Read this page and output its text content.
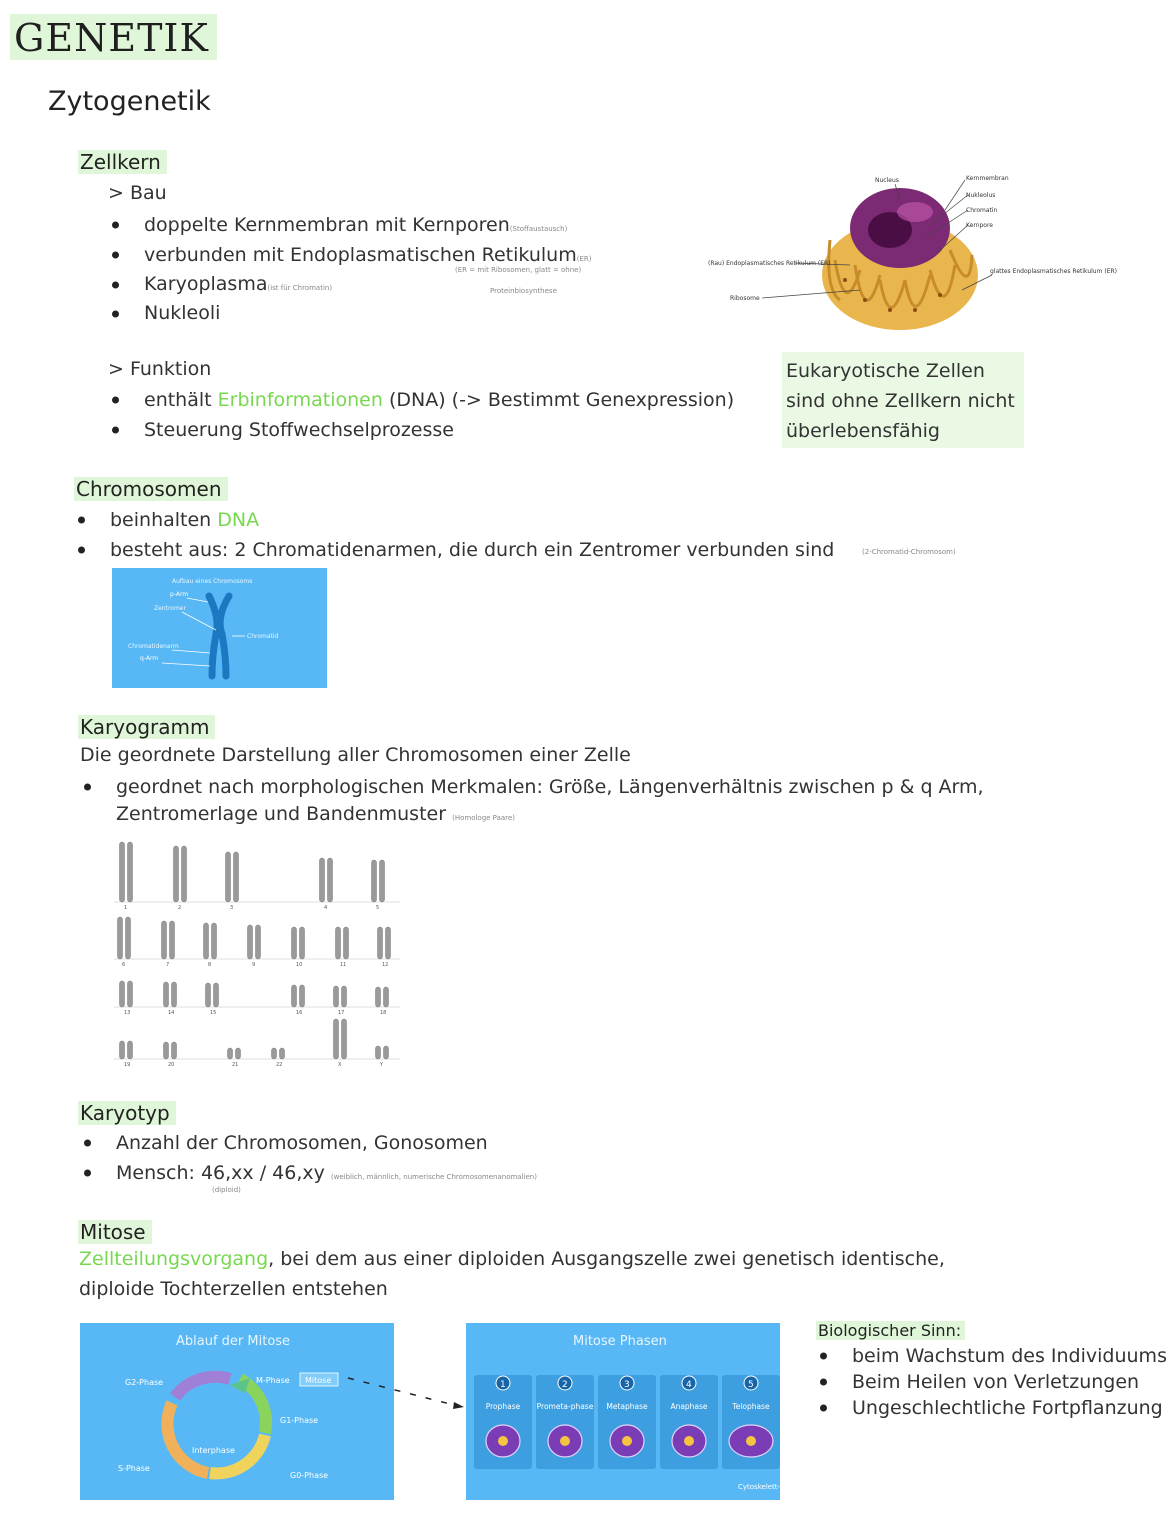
GENETIK
Zytogenetik
Zellkern
> Bau
doppelte Kernmembran mit Kernporen(Stoffaustausch)
verbunden mit Endoplasmatischen Retikulum(ER)
Karyoplasma(ist für Chromatin)
Nukleoli
(ER = mit Ribosomen, glatt = ohne)
Proteinbiosynthese
Nucleus	Kernmembran
Nukleolus
Chromatin
Kernpore
(Rau) Endoplasmatisches Retikulum (ER)
Ribosome
glattes Endoplasmatisches Retikulum (ER)
> Funktion
enthält Erbinformationen (DNA) (-> Bestimmt Genexpression)
Steuerung Stoffwechselprozesse
Eukaryotische Zellen sind ohne Zellkern nicht überlebensfähig
Chromosomen
beinhalten DNA
besteht aus: 2 Chromatidenarmen, die durch ein Zentromer verbunden sind	(2-Chromatid-Chromosom)
Aufbau eines Chromosoms
p-Arm
Zentromer
Chromatidenarm
q-Arm
Chromatid
Karyogramm
Die geordnete Darstellung aller Chromosomen einer Zelle
geordnet nach morphologischen Merkmalen: Größe, Längenverhältnis zwischen p & q Arm,
Zentromerlage und Bandenmuster (Homologe Paare)
1	2	3	4	5
6	7	8	9	10	11	12
13	14	15	16	17	18
19	20	21	22	X	Y
Karyotyp
Anzahl der Chromosomen, Gonosomen
Mensch: 46,xx / 46,xy (weiblich, männlich, numerische Chromosomenanomalien)
(diploid)
Mitose
Zellteilungsvorgang, bei dem aus einer diploiden Ausgangszelle zwei genetisch identische,
diploide Tochterzellen entstehen
Ablauf der Mitose
G2-Phase	M-Phase
G1-Phase
Interphase
S-Phase
G0-Phase
Mitose
Mitose Phasen
1
Prophase
2
Prometa-phase
3
Metaphase
4
Anaphase
5
Telophase
Cytoskelett-Induktion
Biologischer Sinn:
beim Wachstum des Individuums
Beim Heilen von Verletzungen
Ungeschlechtliche Fortpflanzung
